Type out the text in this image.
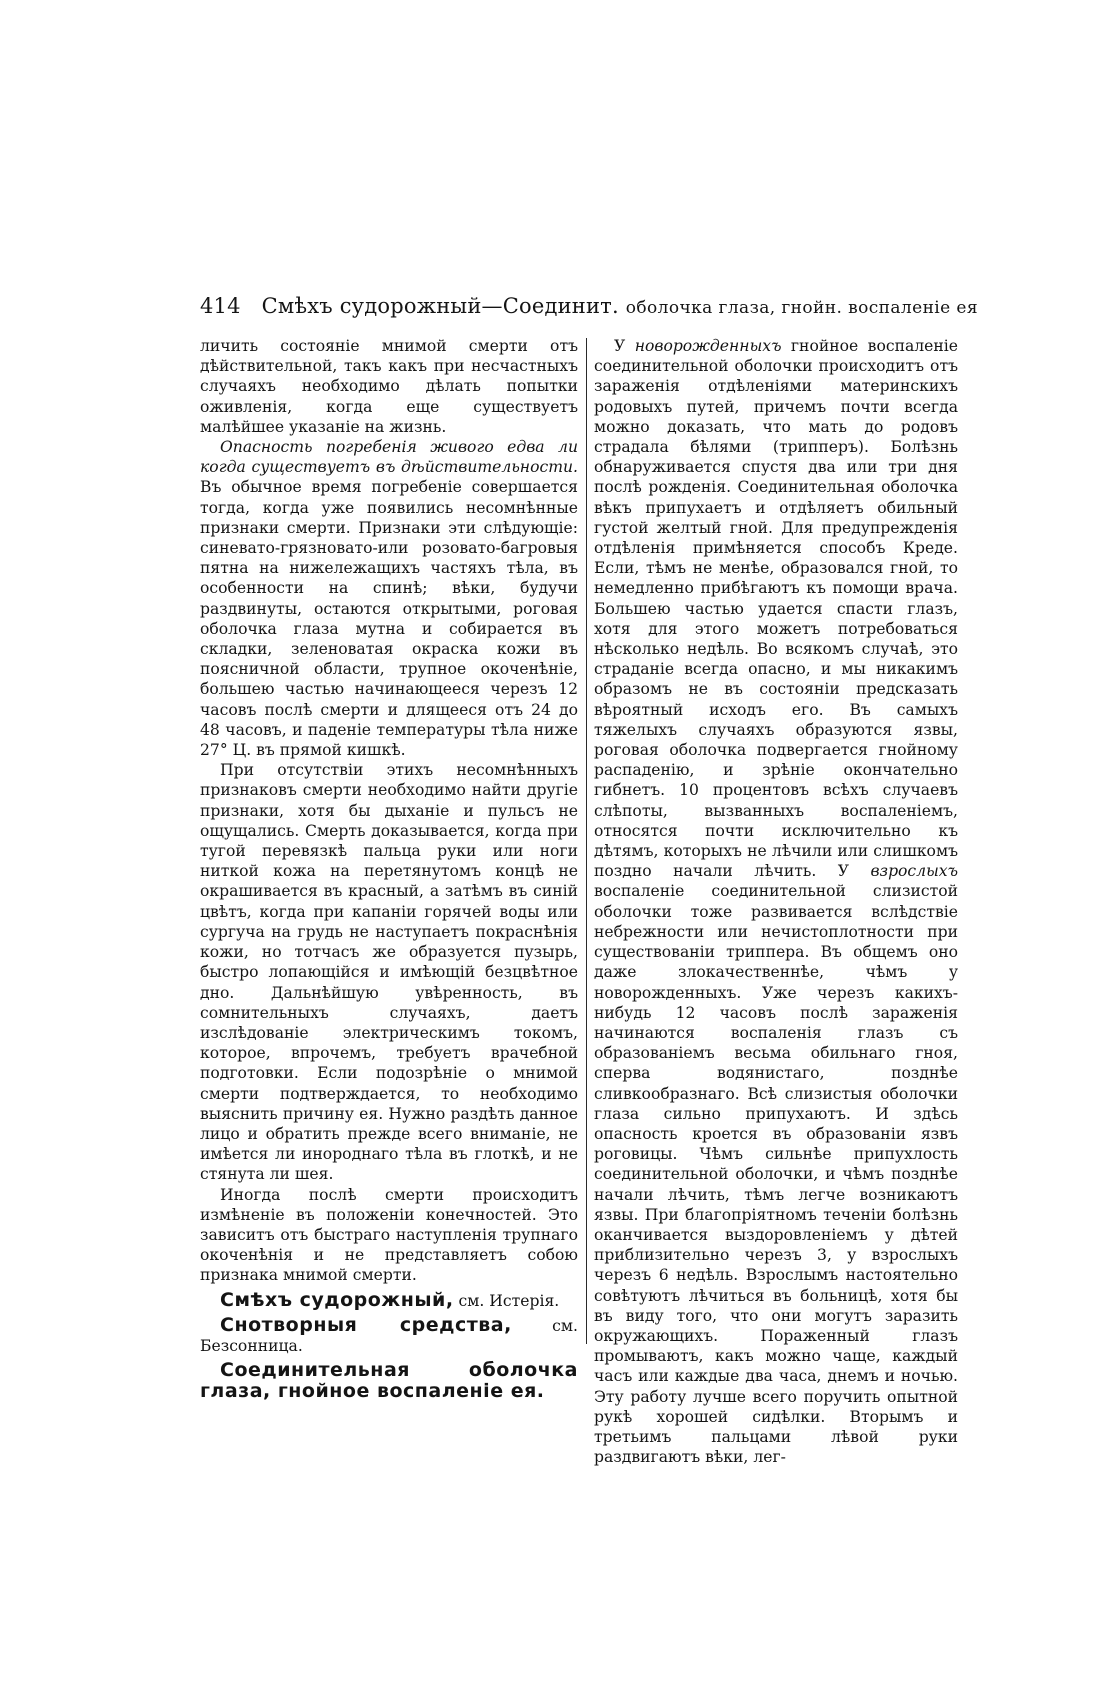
414 Смѣхъ судорожный—Соединит. оболочка глаза, гнойн. воспаленіе ея

личить состояніе мнимой смерти отъ дѣйствительной, такъ какъ при несчастныхъ случаяхъ необходимо дѣлать попытки оживленія, когда еще существуетъ малѣйшее указаніе на жизнь.

Опасность погребенія живого едва ли когда существуетъ въ дѣйствительности. Въ обычное время погребеніе совершается тогда, когда уже появились несомнѣнные признаки смерти. Признаки эти слѣдующіе: синевато-грязновато-или розовато-багровыя пятна на нижележащихъ частяхъ тѣла, въ особенности на спинѣ; вѣки, будучи раздвинуты, остаются открытыми, роговая оболочка глаза мутна и собирается въ складки, зеленоватая окраска кожи въ поясничной области, трупное окоченѣніе, большею частью начинающееся черезъ 12 часовъ послѣ смерти и длящееся отъ 24 до 48 часовъ, и паденіе температуры тѣла ниже 27° Ц. въ прямой кишкѣ.

При отсутствіи этихъ несомнѣнныхъ признаковъ смерти необходимо найти другіе признаки, хотя бы дыханіе и пульсъ не ощущались. Смерть доказывается, когда при тугой перевязкѣ пальца руки или ноги ниткой кожа на перетянутомъ концѣ не окрашивается въ красный, а затѣмъ въ синій цвѣтъ, когда при капаніи горячей воды или сургуча на грудь не наступаетъ покраснѣнія кожи, но тотчасъ же образуется пузырь, быстро лопающійся и имѣющій безцвѣтное дно. Дальнѣйшую увѣренность, въ сомнительныхъ случаяхъ, даетъ изслѣдованіе электрическимъ токомъ, которое, впрочемъ, требуетъ врачебной подготовки. Если подозрѣніе о мнимой смерти подтверждается, то необходимо выяснить причину ея. Нужно раздѣть данное лицо и обратить прежде всего вниманіе, не имѣется ли инороднаго тѣла въ глоткѣ, и не стянута ли шея.

Иногда послѣ смерти происходитъ измѣненіе въ положеніи конечностей. Это зависитъ отъ быстраго наступленія трупнаго окоченѣнія и не представляетъ собою признака мнимой смерти.

Смѣхъ судорожный, см. Истерія.

Снотворныя средства, см. Безсонница.

Соединительная оболочка глаза, гнойное воспаленіе ея.

У новорожденныхъ гнойное воспаленіе соединительной оболочки происходитъ отъ зараженія отдѣленіями материнскихъ родовыхъ путей, причемъ почти всегда можно доказать, что мать до родовъ страдала бѣлями (трипперъ). Болѣзнь обнаруживается спустя два или три дня послѣ рожденія. Соединительная оболочка вѣкъ припухаетъ и отдѣляетъ обильный густой желтый гной. Для предупрежденія отдѣленія примѣняется способъ Креде. Если, тѣмъ не менѣе, образовался гной, то немедленно прибѣгаютъ къ помощи врача. Большею частью удается спасти глазъ, хотя для этого можетъ потребоваться нѣсколько недѣль. Во всякомъ случаѣ, это страданіе всегда опасно, и мы никакимъ образомъ не въ состояніи предсказать вѣроятный исходъ его. Въ самыхъ тяжелыхъ случаяхъ образуются язвы, роговая оболочка подвергается гнойному распаденію, и зрѣніе окончательно гибнетъ. 10 процентовъ всѣхъ случаевъ слѣпоты, вызванныхъ воспаленіемъ, относятся почти исключительно къ дѣтямъ, которыхъ не лѣчили или слишкомъ поздно начали лѣчить. У взрослыхъ воспаленіе соединительной слизистой оболочки тоже развивается вслѣдствіе небрежности или нечистоплотности при существованіи триппера. Въ общемъ оно даже злокачественнѣе, чѣмъ у новорожденныхъ. Уже черезъ какихъ-нибудь 12 часовъ послѣ зараженія начинаются воспаленія глазъ съ образованіемъ весьма обильнаго гноя, сперва водянистаго, позднѣе сливкообразнаго. Всѣ слизистыя оболочки глаза сильно припухаютъ. И здѣсь опасность кроется въ образованіи язвъ роговицы. Чѣмъ сильнѣе припухлость соединительной оболочки, и чѣмъ позднѣе начали лѣчить, тѣмъ легче возникаютъ язвы. При благопріятномъ теченіи болѣзнь оканчивается выздоровленіемъ у дѣтей приблизительно черезъ 3, у взрослыхъ черезъ 6 недѣль. Взрослымъ настоятельно совѣтуютъ лѣчиться въ больницѣ, хотя бы въ виду того, что они могутъ заразить окружающихъ. Пораженный глазъ промываютъ, какъ можно чаще, каждый часъ или каждые два часа, днемъ и ночью. Эту работу лучше всего поручить опытной рукѣ хорошей сидѣлки. Вторымъ и третьимъ пальцами лѣвой руки раздвигаютъ вѣки, лег-
